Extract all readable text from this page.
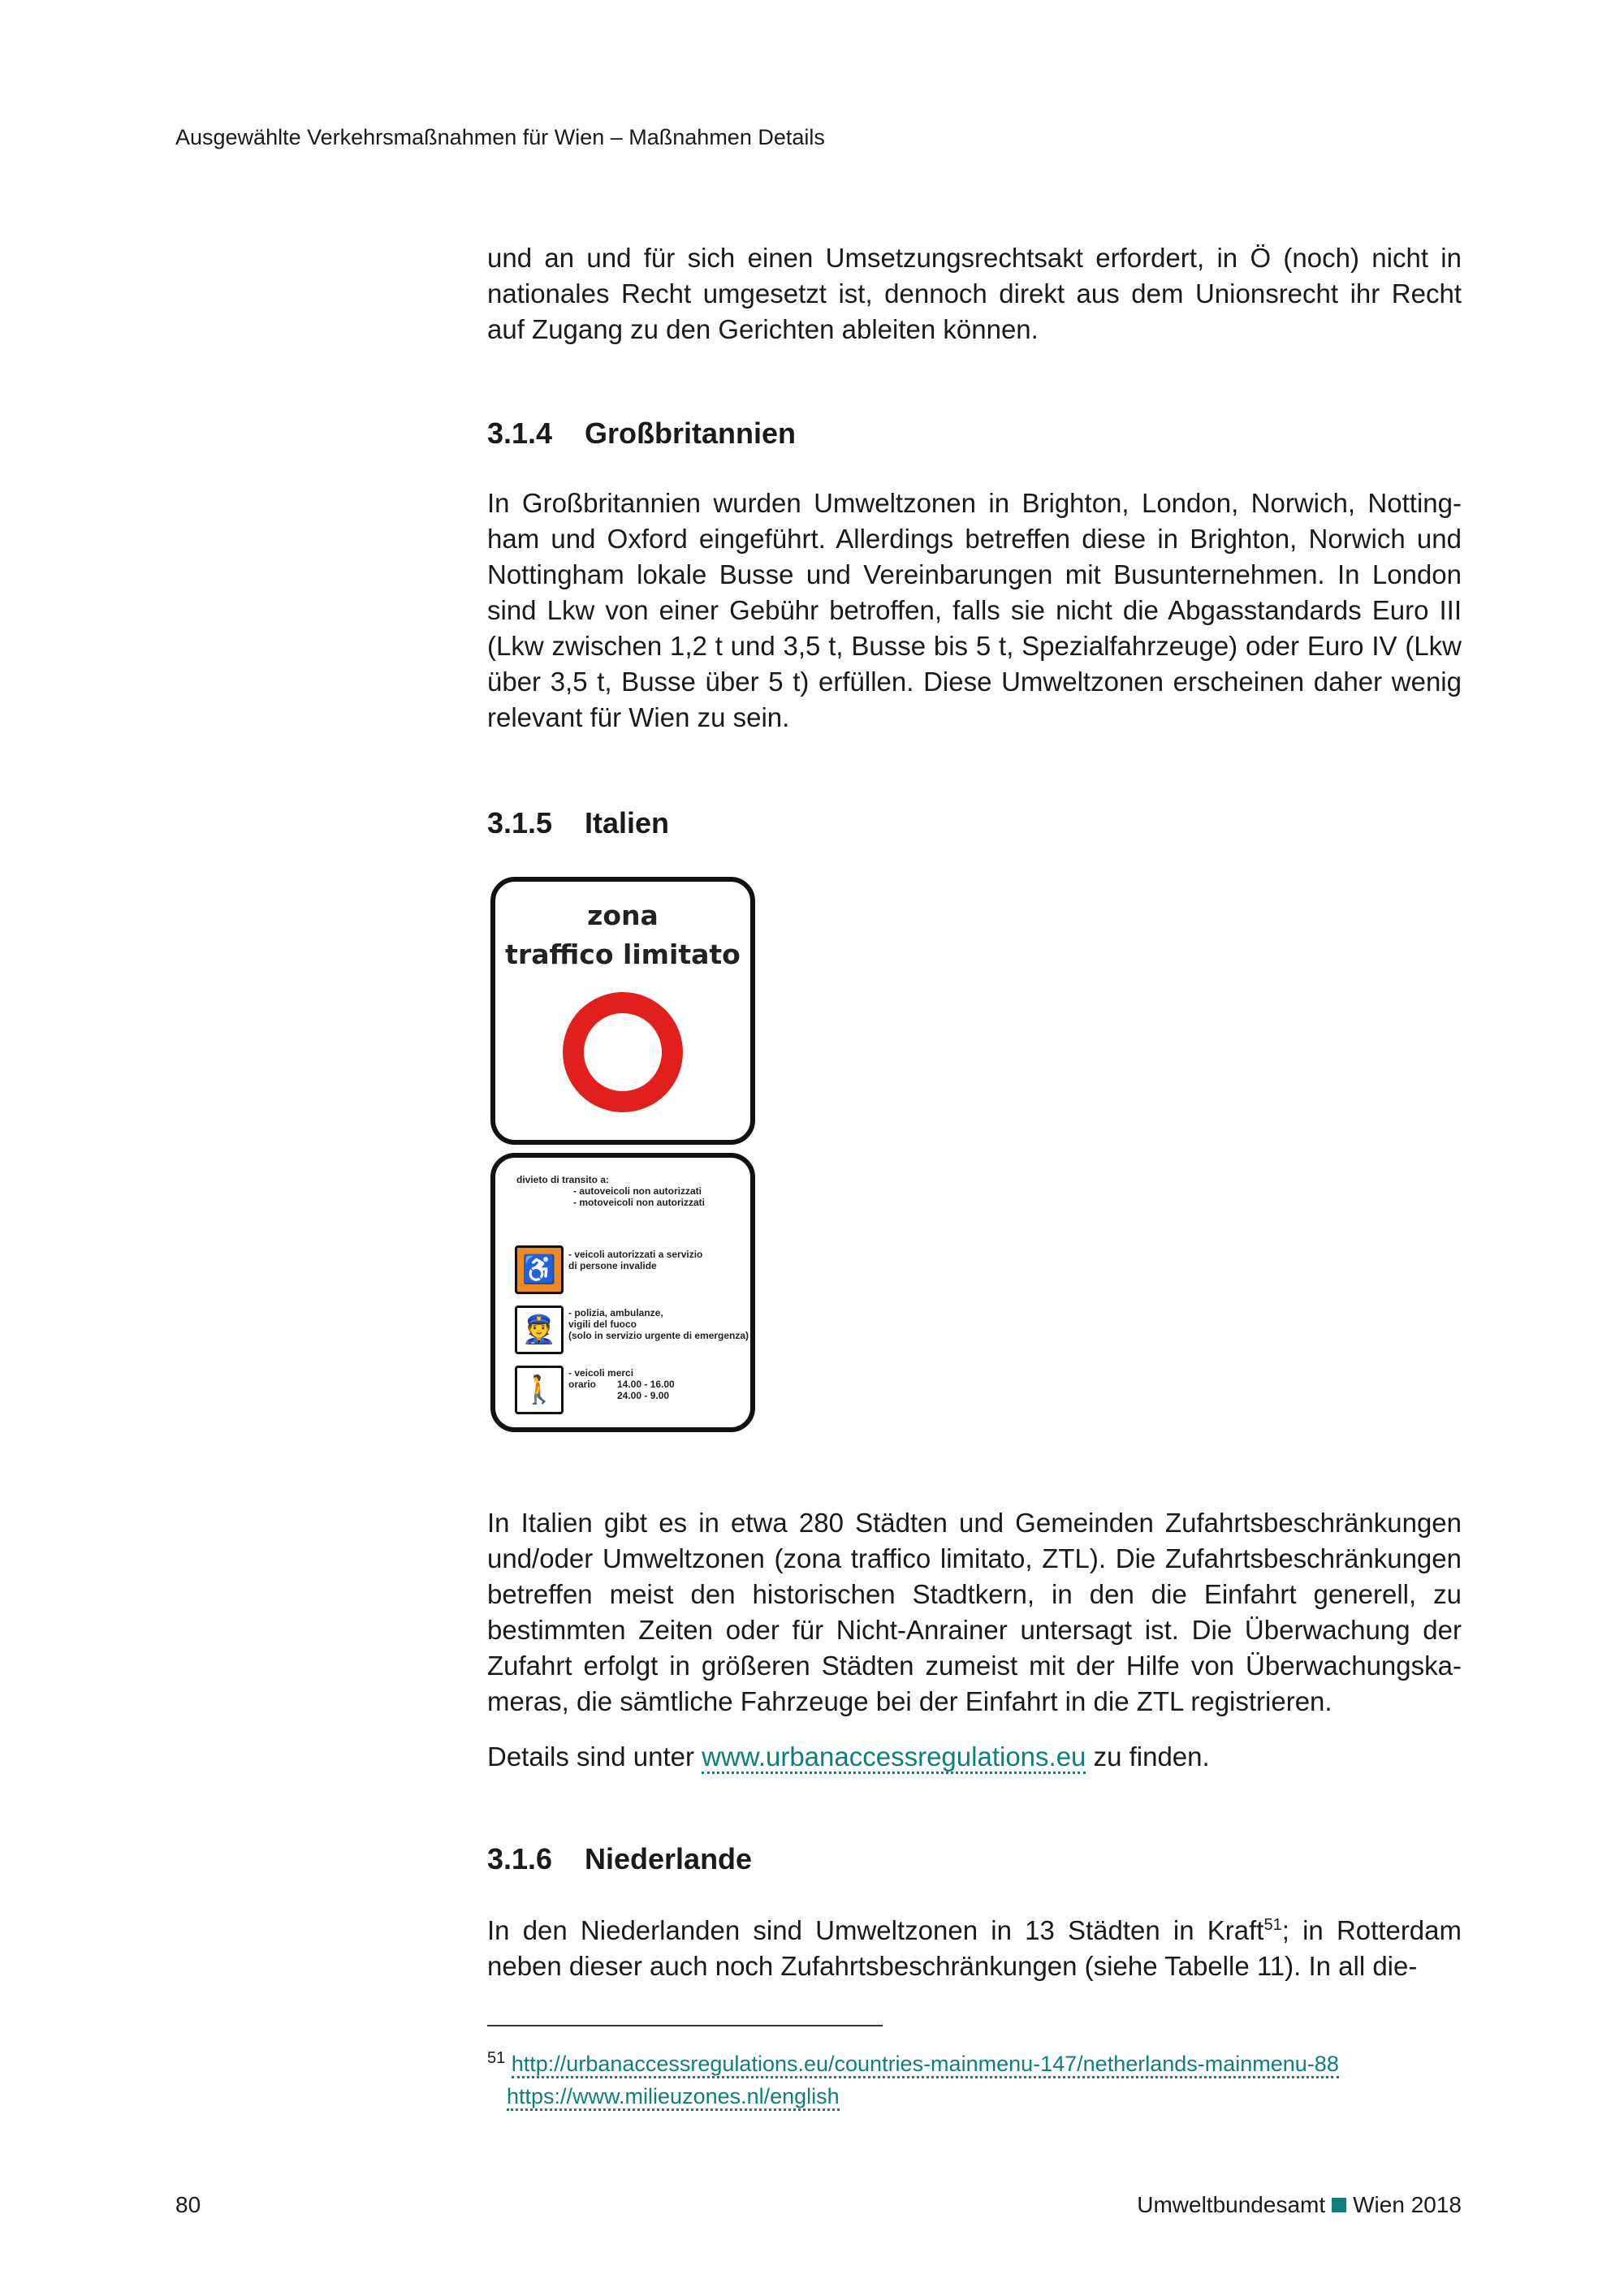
Ausgewählte Verkehrsmaßnahmen für Wien – Maßnahmen Details

und an und für sich einen Umsetzungsrechtsakt erfordert, in Ö (noch) nicht in nationales Recht umgesetzt ist, dennoch direkt aus dem Unionsrecht ihr Recht auf Zugang zu den Gerichten ableiten können.

3.1.4 Großbritannien

In Großbritannien wurden Umweltzonen in Brighton, London, Norwich, Nottingham und Oxford eingeführt. Allerdings betreffen diese in Brighton, Norwich und Nottingham lokale Busse und Vereinbarungen mit Busunternehmen. In London sind Lkw von einer Gebühr betroffen, falls sie nicht die Abgasstandards Euro III (Lkw zwischen 1,2 t und 3,5 t, Busse bis 5 t, Spezialfahrzeuge) oder Euro IV (Lkw über 3,5 t, Busse über 5 t) erfüllen. Diese Umweltzonen erscheinen daher wenig relevant für Wien zu sein.

3.1.5 Italien
zona
traffico limitato
divieto di transito a:
- autoveicoli non autorizzati
- motoveicoli non autorizzati
♿	- veicoli autorizzati a servizio
di persone invalide
👮
- polizia, ambulanze,
vigili del fuoco
(solo in servizio urgente di emergenza)
🚶
- veicoli merci
orario 14.00 - 16.00
24.00 - 9.00

In Italien gibt es in etwa 280 Städten und Gemeinden Zufahrtsbeschränkungen und/oder Umweltzonen (zona traffico limitato, ZTL). Die Zufahrtsbeschränkungen betreffen meist den historischen Stadtkern, in den die Einfahrt generell, zu bestimmten Zeiten oder für Nicht-Anrainer untersagt ist. Die Überwachung der Zufahrt erfolgt in größeren Städten zumeist mit der Hilfe von Überwachungskameras, die sämtliche Fahrzeuge bei der Einfahrt in die ZTL registrieren.

Details sind unter www.urbanaccessregulations.eu zu finden.

3.1.6 Niederlande

In den Niederlanden sind Umweltzonen in 13 Städten in Kraft$^{51}$; in Rotterdam neben dieser auch noch Zufahrtsbeschränkungen (siehe Tabelle 11). In all die-

$^{51}$ http://urbanaccessregulations.eu/countries-mainmenu-147/netherlands-mainmenu-88
https://www.milieuzones.nl/english
80	Umweltbundesamt Wien 2018
